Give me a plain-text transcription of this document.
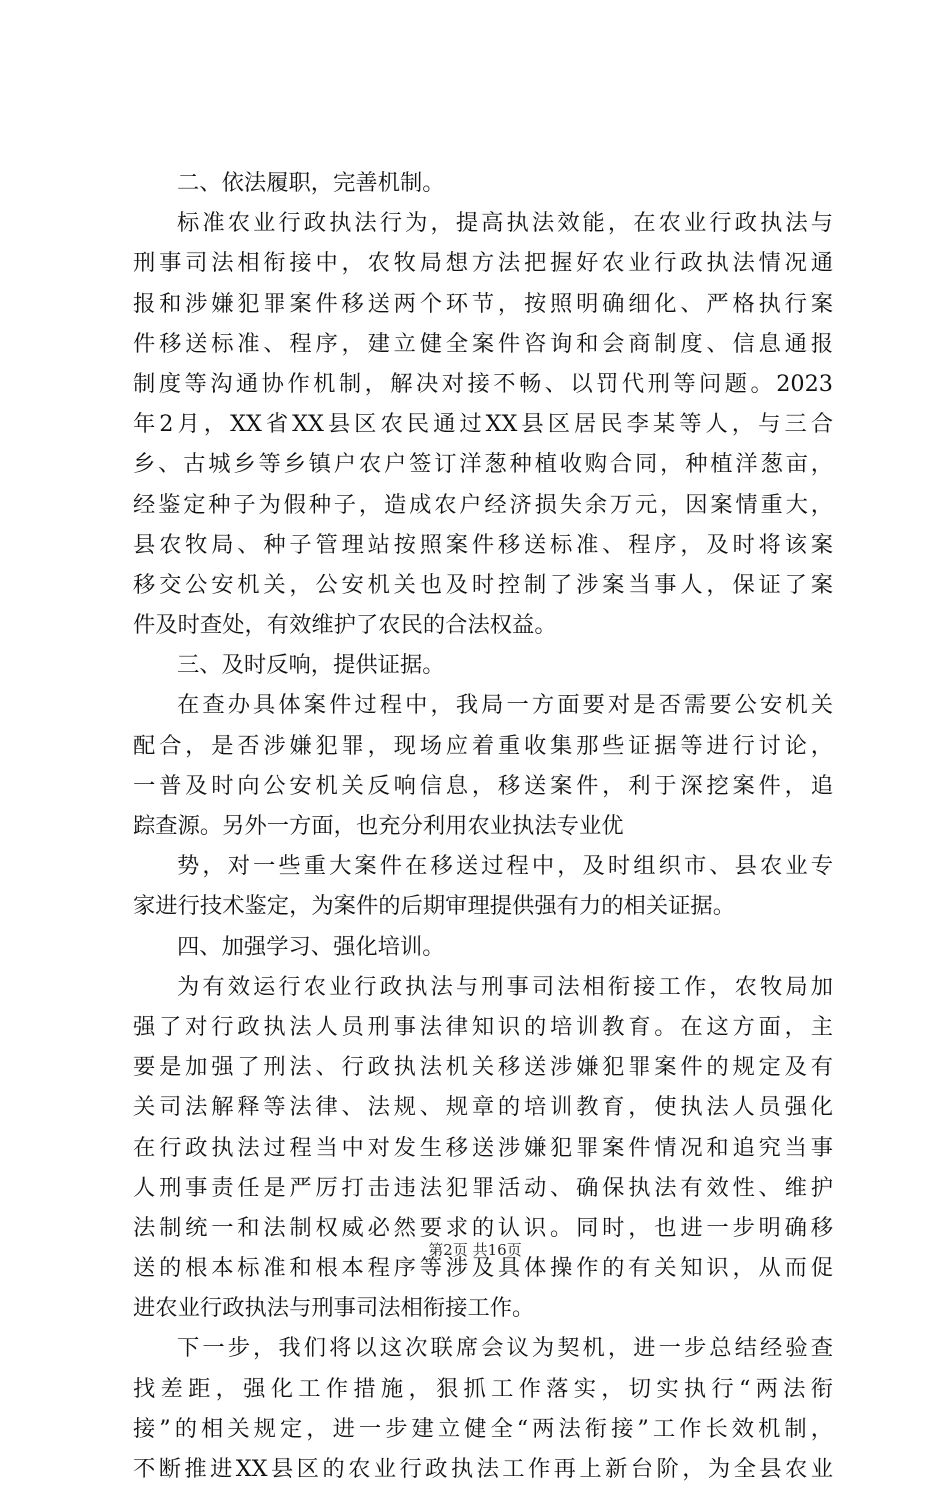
二、依法履职，完善机制。
标准农业行政执法行为，提高执法效能，在农业行政执法与
刑事司法相衔接中，农牧局想方法把握好农业行政执法情况通
报和涉嫌犯罪案件移送两个环节，按照明确细化、严格执行案
件移送标准、程序，建立健全案件咨询和会商制度、信息通报
制度等沟通协作机制，解决对接不畅、以罚代刑等问题。2023
年2月，XX省XX县区农民通过XX县区居民李某等人，与三合
乡、古城乡等乡镇户农户签订洋葱种植收购合同，种植洋葱亩，
经鉴定种子为假种子，造成农户经济损失余万元，因案情重大，
县农牧局、种子管理站按照案件移送标准、程序，及时将该案
移交公安机关，公安机关也及时控制了涉案当事人，保证了案
件及时查处，有效维护了农民的合法权益。
三、及时反响，提供证据。
在查办具体案件过程中，我局一方面要对是否需要公安机关
配合，是否涉嫌犯罪，现场应着重收集那些证据等进行讨论，
一普及时向公安机关反响信息，移送案件，利于深挖案件，追
踪查源。另外一方面，也充分利用农业执法专业优
势，对一些重大案件在移送过程中，及时组织市、县农业专
家进行技术鉴定，为案件的后期审理提供强有力的相关证据。
四、加强学习、强化培训。
为有效运行农业行政执法与刑事司法相衔接工作，农牧局加
强了对行政执法人员刑事法律知识的培训教育。在这方面，主
要是加强了刑法、行政执法机关移送涉嫌犯罪案件的规定及有
关司法解释等法律、法规、规章的培训教育，使执法人员强化
在行政执法过程当中对发生移送涉嫌犯罪案件情况和追究当事
人刑事责任是严厉打击违法犯罪活动、确保执法有效性、维护
法制统一和法制权威必然要求的认识。同时，也进一步明确移
送的根本标准和根本程序等涉及具体操作的有关知识，从而促
进农业行政执法与刑事司法相衔接工作。
下一步，我们将以这次联席会议为契机，进一步总结经验查
找差距，强化工作措施，狠抓工作落实，切实执行“两法衔
接”的相关规定，进一步建立健全“两法衔接”工作长效机制，
不断推进XX县区的农业行政执法工作再上新台阶，为全县农业
第2页 共16页
